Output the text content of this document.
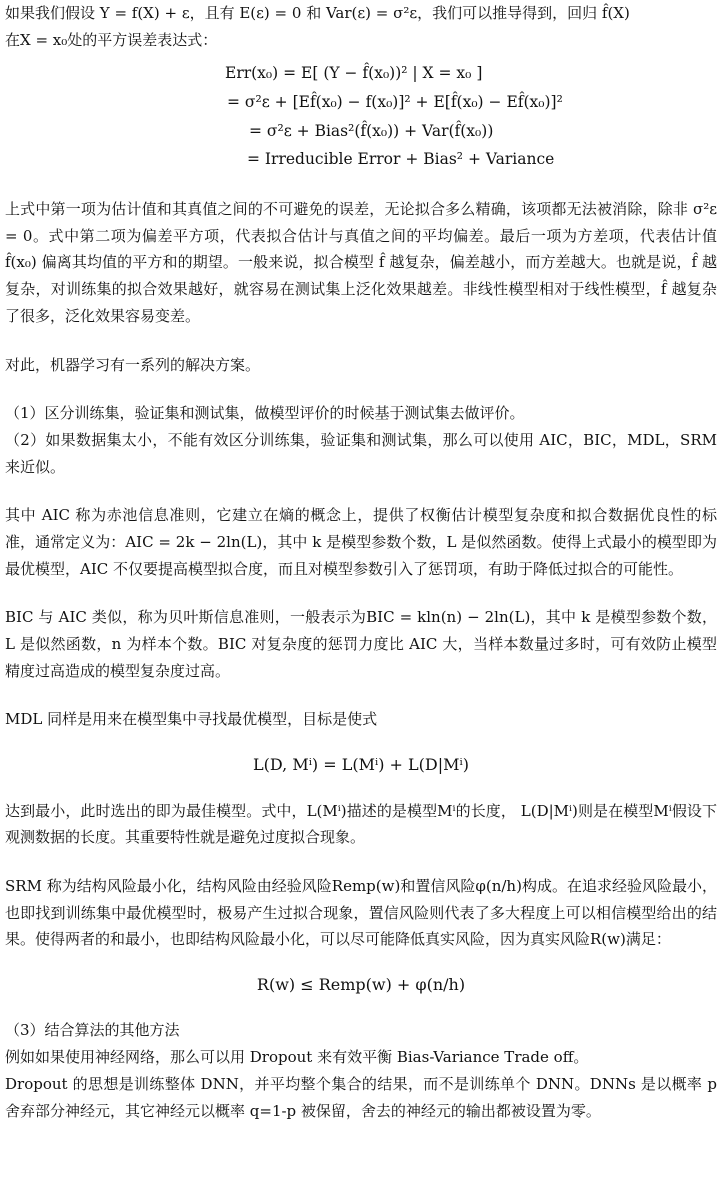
如果我们假设 Y = f(X) + ε，且有 E(ε) = 0 和 Var(ε) = σ²ε，我们可以推导得到，回归 f̂(X)

在X = x₀处的平方误差表达式：

Err(x₀) = E[ (Y − f̂(x₀))² | X = x₀ ]
= σ²ε + [Ef̂(x₀) − f(x₀)]² + E[f̂(x₀) − Ef̂(x₀)]²
= σ²ε + Bias²(f̂(x₀)) + Var(f̂(x₀))
= Irreducible Error + Bias² + Variance

上式中第一项为估计值和其真值之间的不可避免的误差，无论拟合多么精确，该项都无法被消除，除非 σ²ε = 0。式中第二项为偏差平方项，代表拟合估计与真值之间的平均偏差。最后一项为方差项，代表估计值 f̂(x₀) 偏离其均值的平方和的期望。一般来说，拟合模型 f̂ 越复杂，偏差越小，而方差越大。也就是说，f̂ 越复杂，对训练集的拟合效果越好，就容易在测试集上泛化效果越差。非线性模型相对于线性模型，f̂ 越复杂了很多，泛化效果容易变差。

对此，机器学习有一系列的解决方案。

（1）区分训练集，验证集和测试集，做模型评价的时候基于测试集去做评价。

（2）如果数据集太小，不能有效区分训练集，验证集和测试集，那么可以使用 AIC，BIC，MDL，SRM 来近似。

其中 AIC 称为赤池信息准则，它建立在熵的概念上，提供了权衡估计模型复杂度和拟合数据优良性的标准，通常定义为：AIC = 2k − 2ln(L)，其中 k 是模型参数个数，L 是似然函数。使得上式最小的模型即为最优模型，AIC 不仅要提高模型拟合度，而且对模型参数引入了惩罚项，有助于降低过拟合的可能性。

BIC 与 AIC 类似，称为贝叶斯信息准则，一般表示为BIC = kln(n) − 2ln(L)，其中 k 是模型参数个数，L 是似然函数，n 为样本个数。BIC 对复杂度的惩罚力度比 AIC 大，当样本数量过多时，可有效防止模型精度过高造成的模型复杂度过高。

MDL 同样是用来在模型集中寻找最优模型，目标是使式

L(D, Mⁱ) = L(Mⁱ) + L(D|Mⁱ)

达到最小，此时选出的即为最佳模型。式中，L(Mⁱ)描述的是模型Mⁱ的长度， L(D|Mⁱ)则是在模型Mⁱ假设下观测数据的长度。其重要特性就是避免过度拟合现象。

SRM 称为结构风险最小化，结构风险由经验风险Remp(w)和置信风险φ(n/h)构成。在追求经验风险最小，也即找到训练集中最优模型时，极易产生过拟合现象，置信风险则代表了多大程度上可以相信模型给出的结果。使得两者的和最小，也即结构风险最小化，可以尽可能降低真实风险，因为真实风险R(w)满足：

R(w) ≤ Remp(w) + φ(n/h)

（3）结合算法的其他方法

例如如果使用神经网络，那么可以用 Dropout 来有效平衡 Bias-Variance Trade off。

Dropout 的思想是训练整体 DNN，并平均整个集合的结果，而不是训练单个 DNN。DNNs 是以概率 p 舍弃部分神经元，其它神经元以概率 q=1-p 被保留，舍去的神经元的输出都被设置为零。
